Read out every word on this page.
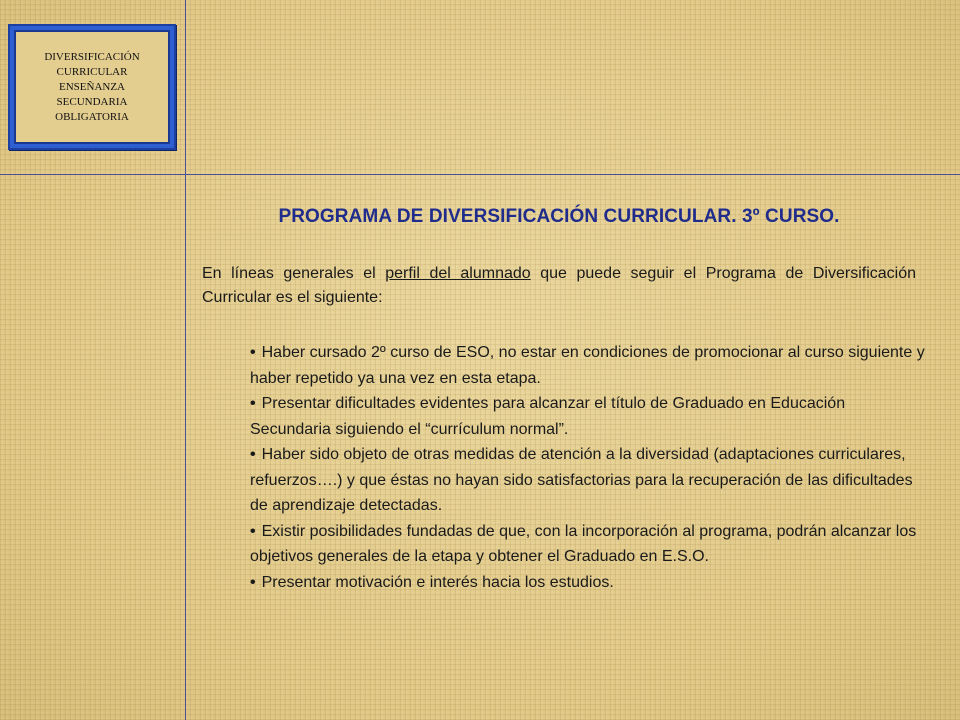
DIVERSIFICACIÓN
CURRICULAR
ENSEÑANZA
SECUNDARIA
OBLIGATORIA
PROGRAMA DE DIVERSIFICACIÓN CURRICULAR. 3º CURSO.

En líneas generales el perfil del alumnado que puede seguir el Programa de Diversificación Curricular es el siguiente:

• Haber cursado 2º curso de ESO, no estar en condiciones de promocionar al curso siguiente y haber repetido ya una vez en esta etapa.
• Presentar dificultades evidentes para alcanzar el título de Graduado en Educación Secundaria siguiendo el “currículum normal”.
• Haber sido objeto de otras medidas de atención a la diversidad (adaptaciones curriculares, refuerzos….) y que éstas no hayan sido satisfactorias para la recuperación de las dificultades de aprendizaje detectadas.
• Existir posibilidades fundadas de que, con la incorporación al programa, podrán alcanzar los objetivos generales de la etapa y obtener el Graduado en E.S.O.
• Presentar motivación e interés hacia los estudios.
